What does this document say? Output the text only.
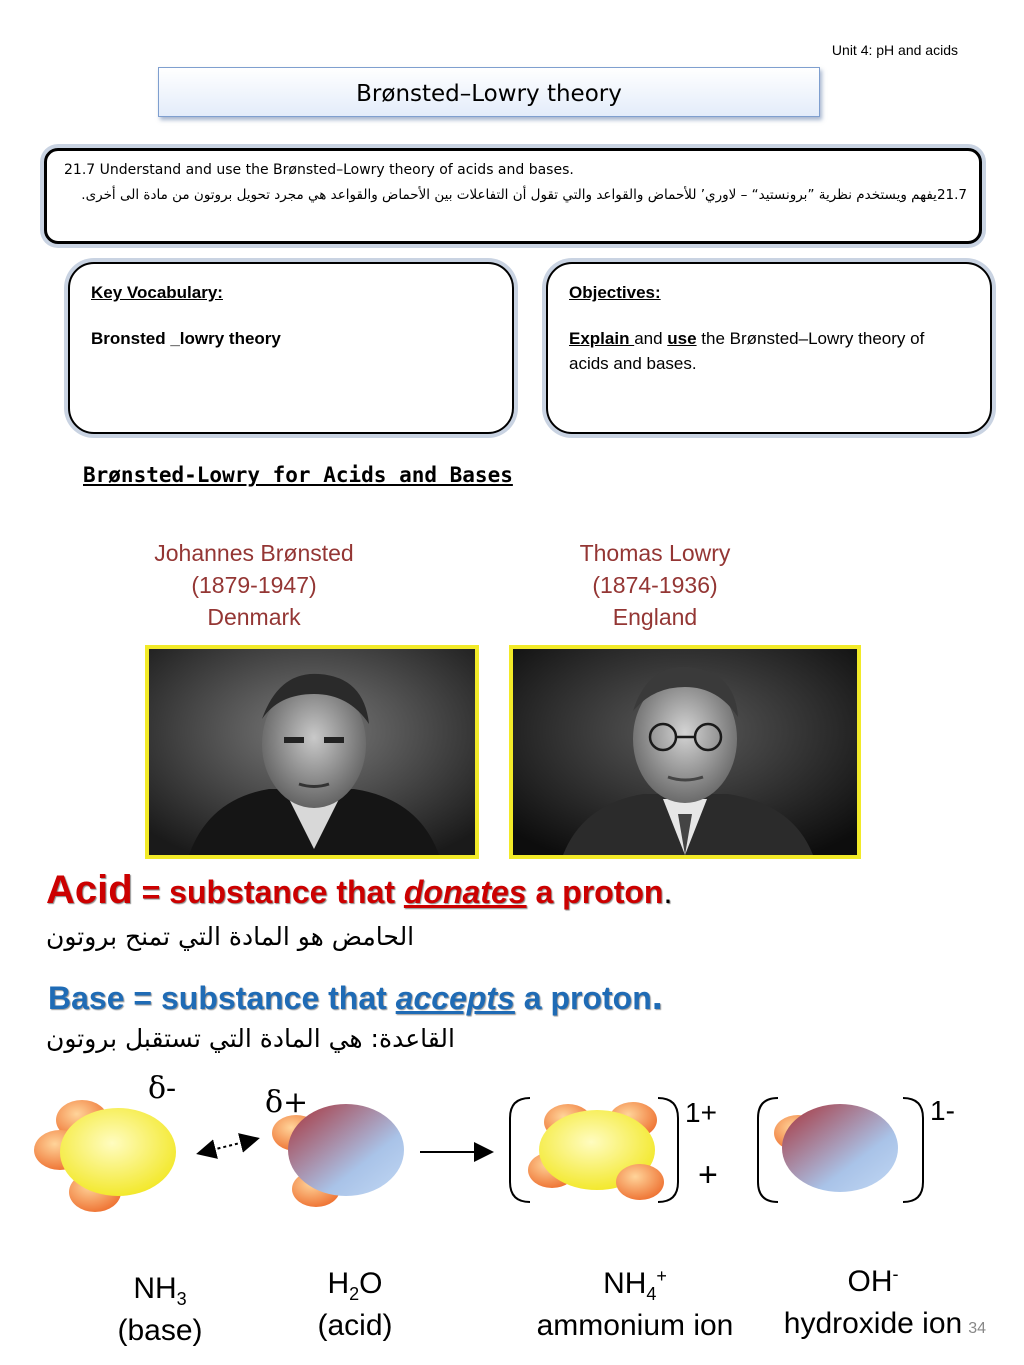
Unit 4: pH and acids
Brønsted–Lowry theory
21.7 Understand and use the Brønsted–Lowry theory of acids and bases.
21.7يفهم ويستخدم نظرية ”برونستيد“ – لاوري’ للأحماض والقواعد والتي تقول أن التفاعلات بين الأحماض والقواعد هي مجرد تحويل بروتون من مادة الى أخرى.
Key Vocabulary:
Bronsted _lowry theory
Objectives:
Explain and use the Brønsted–Lowry theory of acids and bases.
Brønsted-Lowry for Acids and Bases
Johannes Brønsted
(1879-1947)
Denmark
Thomas Lowry
(1874-1936)
England
Acid = substance that donates a proton.
الحامض هو المادة التي تمنح بروتون
Base = substance that accepts a proton.
القاعدة: هي المادة التي تستقبل بروتون
δ-	δ+	1+
+
1-
$NH_3$
(base)
$H_2O$
(acid)
$NH_4^+$
ammonium ion
OH-
hydroxide ion 34
